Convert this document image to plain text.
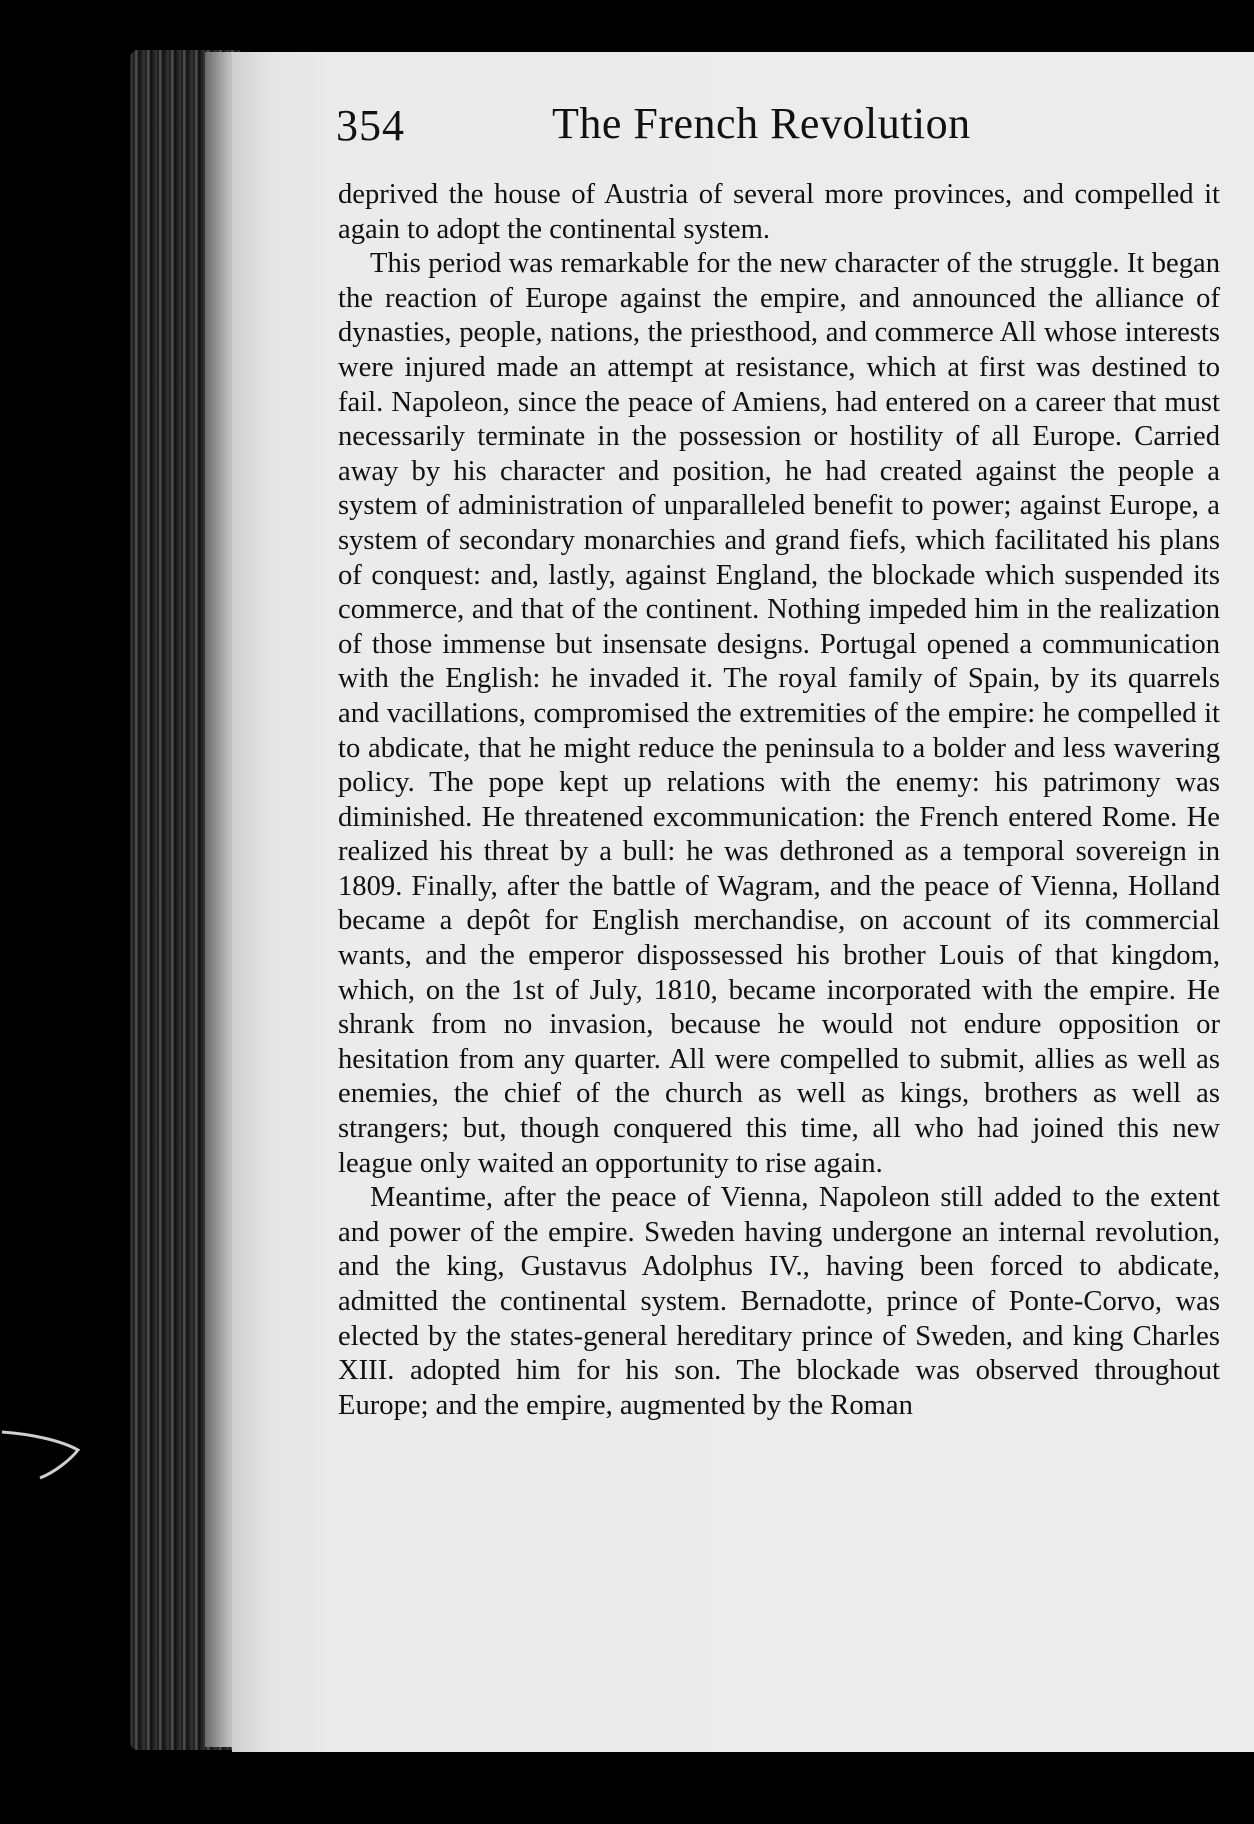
354	The French Revolution

deprived the house of Austria of several more provinces, and compelled it again to adopt the continental system.

This period was remarkable for the new character of the struggle. It began the reaction of Europe against the empire, and announced the alliance of dynasties, people, nations, the priesthood, and commerce All whose interests were injured made an attempt at resistance, which at first was destined to fail. Napoleon, since the peace of Amiens, had entered on a career that must necessarily terminate in the possession or hostility of all Europe. Carried away by his character and position, he had created against the people a system of administration of unparalleled benefit to power; against Europe, a system of secondary monarchies and grand fiefs, which facilitated his plans of conquest: and, lastly, against England, the blockade which suspended its commerce, and that of the continent. Nothing impeded him in the realization of those immense but insensate designs. Portugal opened a communication with the English: he invaded it. The royal family of Spain, by its quarrels and vacillations, compromised the extremities of the empire: he compelled it to abdicate, that he might reduce the peninsula to a bolder and less wavering policy. The pope kept up relations with the enemy: his patrimony was diminished. He threatened excommunication: the French entered Rome. He realized his threat by a bull: he was dethroned as a temporal sovereign in 1809. Finally, after the battle of Wagram, and the peace of Vienna, Holland became a depôt for English merchandise, on account of its commercial wants, and the emperor dispossessed his brother Louis of that kingdom, which, on the 1st of July, 1810, became incorporated with the empire. He shrank from no invasion, because he would not endure opposition or hesitation from any quarter. All were compelled to submit, allies as well as enemies, the chief of the church as well as kings, brothers as well as strangers; but, though conquered this time, all who had joined this new league only waited an opportunity to rise again.

Meantime, after the peace of Vienna, Napoleon still added to the extent and power of the empire. Sweden having undergone an internal revolution, and the king, Gustavus Adolphus IV., having been forced to abdicate, admitted the continental system. Bernadotte, prince of Ponte-Corvo, was elected by the states-general hereditary prince of Sweden, and king Charles XIII. adopted him for his son. The blockade was observed throughout Europe; and the empire, augmented by the Roman
